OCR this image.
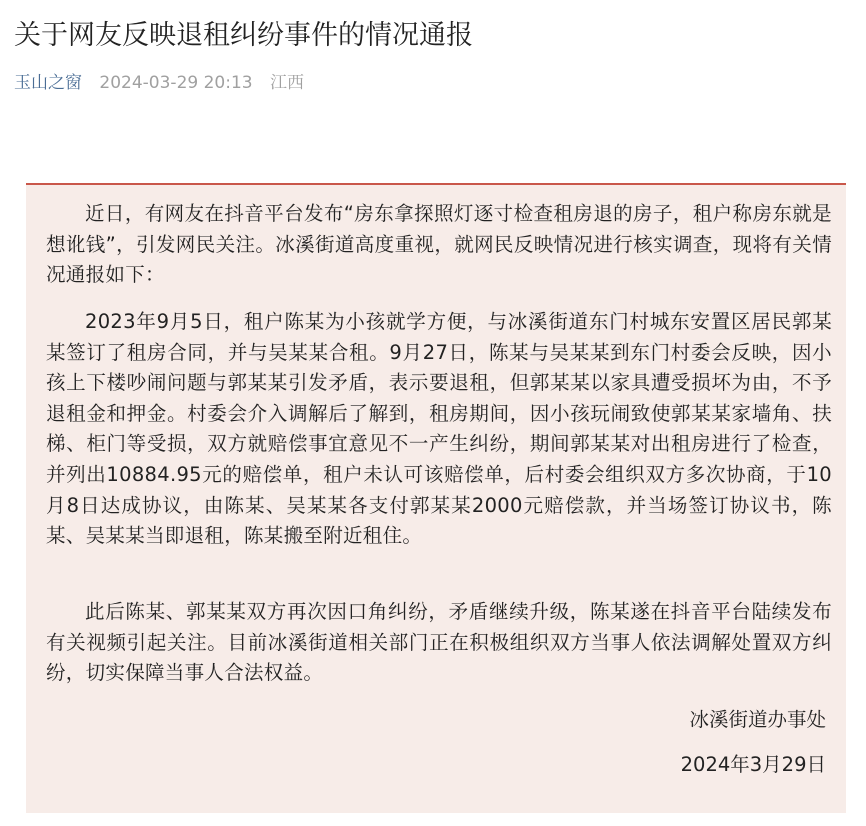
关于网友反映退租纠纷事件的情况通报
玉山之窗 2024-03-29 20:13 江西

近日，有网友在抖音平台发布“房东拿探照灯逐寸检查租房退的房子，租户称房东就是想讹钱”，引发网民关注。冰溪街道高度重视，就网民反映情况进行核实调查，现将有关情况通报如下：

2023年9月5日，租户陈某为小孩就学方便，与冰溪街道东门村城东安置区居民郭某某签订了租房合同，并与吴某某合租。9月27日，陈某与吴某某到东门村委会反映，因小孩上下楼吵闹问题与郭某某引发矛盾，表示要退租，但郭某某以家具遭受损坏为由，不予退租金和押金。村委会介入调解后了解到，租房期间，因小孩玩闹致使郭某某家墙角、扶梯、柜门等受损，双方就赔偿事宜意见不一产生纠纷，期间郭某某对出租房进行了检查，并列出10884.95元的赔偿单，租户未认可该赔偿单，后村委会组织双方多次协商，于10月8日达成协议，由陈某、吴某某各支付郭某某2000元赔偿款，并当场签订协议书，陈某、吴某某当即退租，陈某搬至附近租住。

此后陈某、郭某某双方再次因口角纠纷，矛盾继续升级，陈某遂在抖音平台陆续发布有关视频引起关注。目前冰溪街道相关部门正在积极组织双方当事人依法调解处置双方纠纷，切实保障当事人合法权益。

冰溪街道办事处

2024年3月29日
